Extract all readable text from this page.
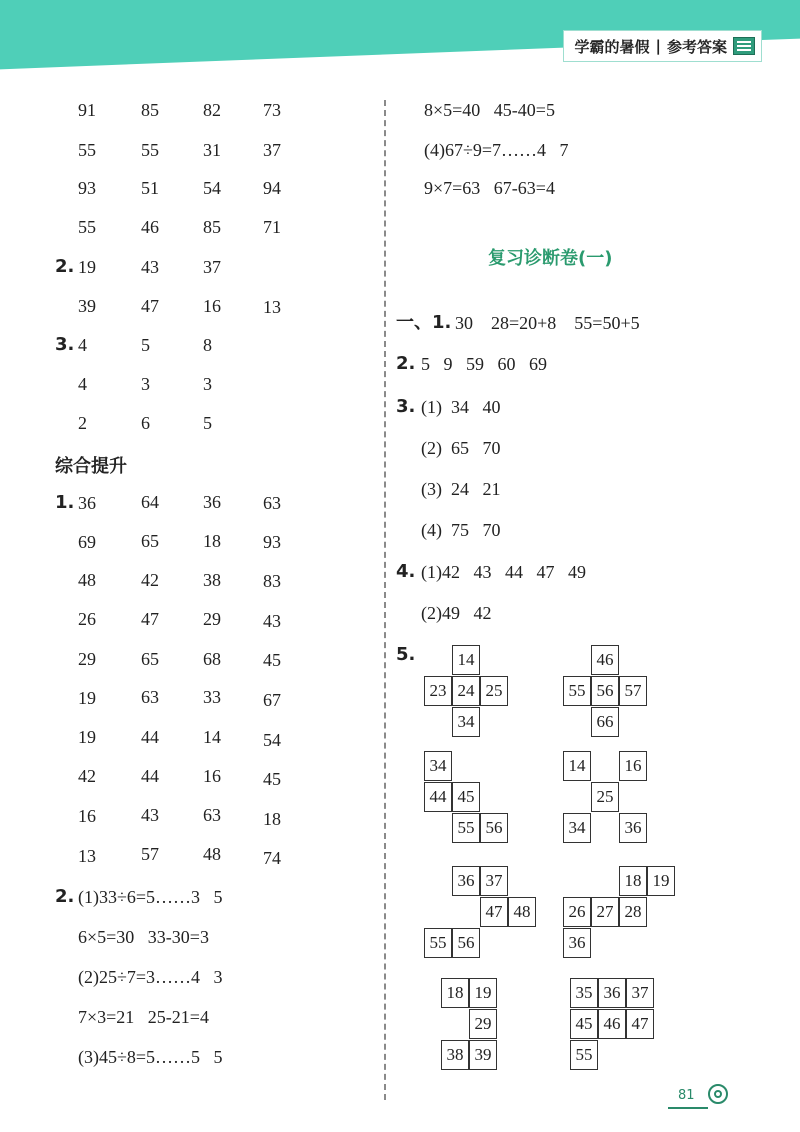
学霸的暑假 | 参考答案
91	85 82 73
55	55 31 37
93	51 54 94
55	46 85 71
2. 19	43 37
39	47 16 13
3. 4	5	8
4	3	3
2	6	5
综合提升
1. 36	64 36 63
69	65 18 93
48	42 38 83
26	47 29 43
29	65 68 45
19	63 33 67
19	44 14 54
42	44 16 45
16	43 63 18
13	57 48 74
2. (1)33÷6=5……3   5
6×5=30   33-30=3
(2)25÷7=3……4   3
7×3=21   25-21=4
(3)45÷8=5……5   5
8×5=40   45-40=5
(4)67÷9=7……4   7
9×7=63   67-63=4
复习诊断卷(一)
一、1. 30    28=20+8    55=50+5
2. 5   9   59   60   69
3. (1)  34   40
(2)  65   70
(3)  24   21
(4)  75   70
4. (1)42   43   44   47   49
(2)49   42
5.	14
23 24 25
34
46
55 56 57
66
34
44 45
55 56
14	16
25
34	36
36 37
47 48
55 56
18 19
26 27 28
36
18 19
29
38 39
35 36 37
45 46 47
55
81
